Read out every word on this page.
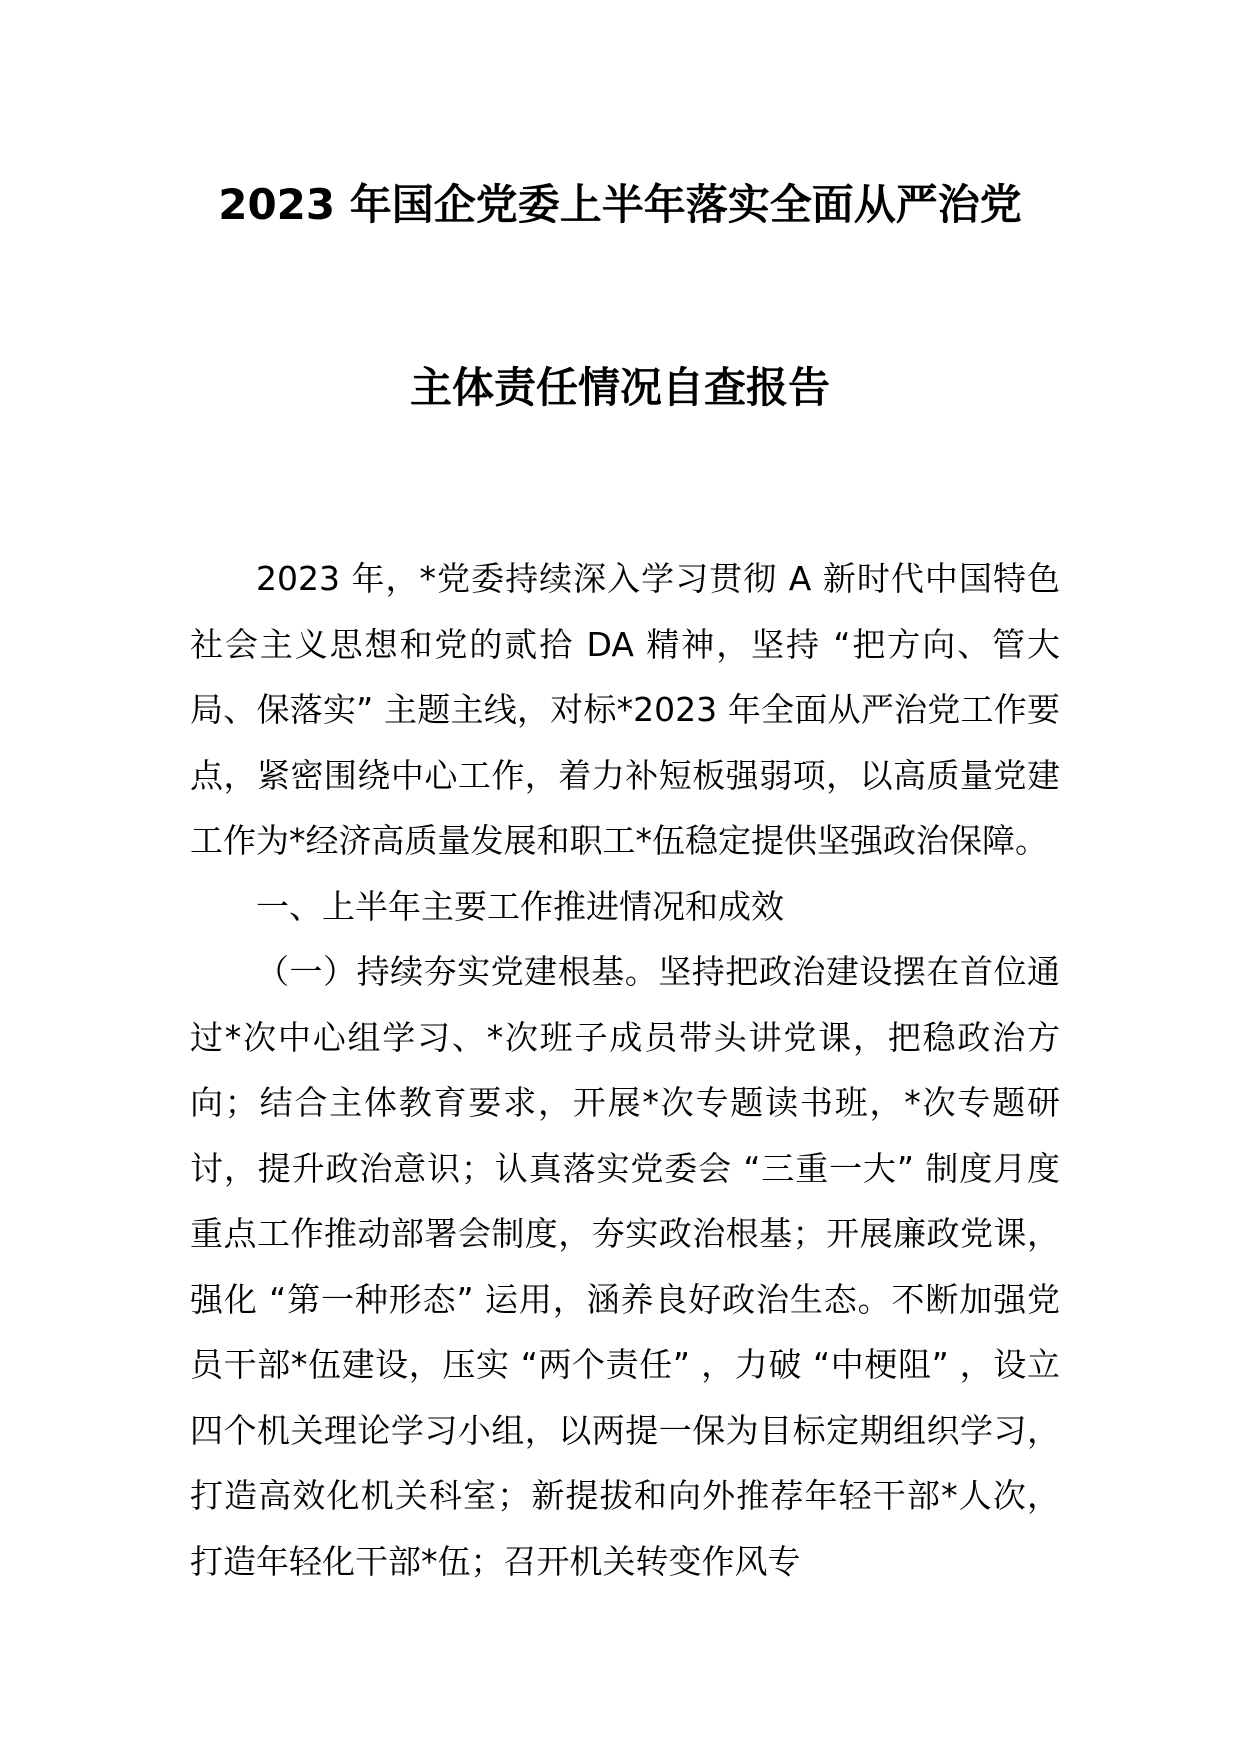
2023 年国企党委上半年落实全面从严治党
主体责任情况自查报告

2023 年，*党委持续深入学习贯彻 A 新时代中国特色社会主义思想和党的贰拾 DA 精神，坚持 “把方向、管大局、保落实” 主题主线，对标*2023 年全面从严治党工作要点，紧密围绕中心工作，着力补短板强弱项，以高质量党建工作为*经济高质量发展和职工*伍稳定提供坚强政治保障。

一、上半年主要工作推进情况和成效

（一）持续夯实党建根基。坚持把政治建设摆在首位通过*次中心组学习、*次班子成员带头讲党课，把稳政治方向；结合主体教育要求，开展*次专题读书班，*次专题研讨，提升政治意识；认真落实党委会 “三重一大” 制度月度重点工作推动部署会制度，夯实政治根基；开展廉政党课，强化 “第一种形态” 运用，涵养良好政治生态。不断加强党员干部*伍建设，压实 “两个责任” ，力破 “中梗阻” ，设立四个机关理论学习小组，以两提一保为目标定期组织学习，打造高效化机关科室；新提拔和向外推荐年轻干部*人次，打造年轻化干部*伍；召开机关转变作风专
